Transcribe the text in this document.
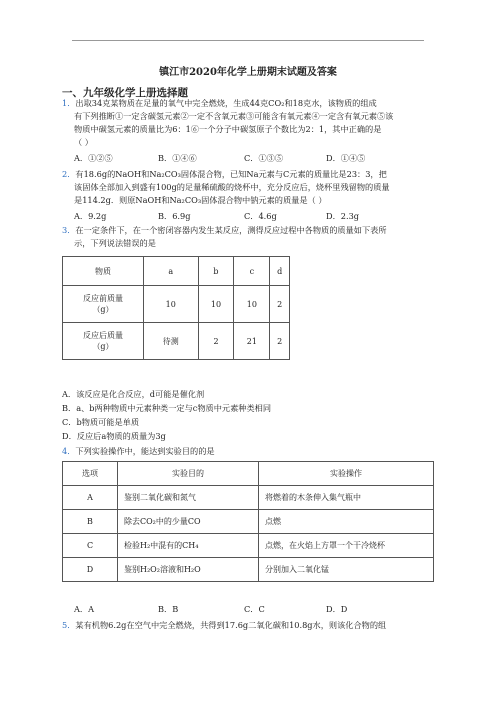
镇江市2020年化学上册期末试题及答案
一、九年级化学上册选择题
1．出取34克某物质在足量的氧气中完全燃烧，生成44克CO₂和18克水，该物质的组成
有下列推断①一定含碳氢元素②一定不含氧元素③可能含有氧元素④一定含有氧元素⑤该
物质中碳氢元素的质量比为6：1⑥一个分子中碳氢原子个数比为2：1，其中正确的是
（ ）
A．①②⑤	B．①④⑥	C．①③⑤	D．①④⑤
2．有18.6g的NaOH和Na₂CO₃固体混合物，已知Na元素与C元素的质量比是23：3，把
该固体全部加入到盛有100g的足量稀硫酸的烧杯中，充分反应后，烧杯里残留物的质量
是114.2g．则原NaOH和Na₂CO₃固体混合物中钠元素的质量是（ ）
A．9.2g	B．6.9g	C．4.6g	D．2.3g
3．在一定条件下，在一个密闭容器内发生某反应，测得反应过程中各物质的质量如下表所
示，下列说法错误的是
物质	a	b	c	d

反应前质量
（g）	10	10	10	2

反应后质量
（g）	待测	2	21	2
A．该反应是化合反应，d可能是催化剂
B．a、b两种物质中元素种类一定与c物质中元素种类相同
C．b物质可能是单质
D．反应后a物质的质量为3g
4．下列实验操作中，能达到实验目的的是
选项	实验目的	实验操作
A	鉴别二氧化碳和氮气	将燃着的木条伸入集气瓶中
B	除去CO₂中的少量CO	点燃
C	检验H₂中混有的CH₄	点燃，在火焰上方罩一个干冷烧杯
D	鉴别H₂O₂溶液和H₂O	分别加入二氧化锰
A．A	B．B	C．C	D．D
5．某有机物6.2g在空气中完全燃烧，共得到17.6g二氧化碳和10.8g水，则该化合物的组
